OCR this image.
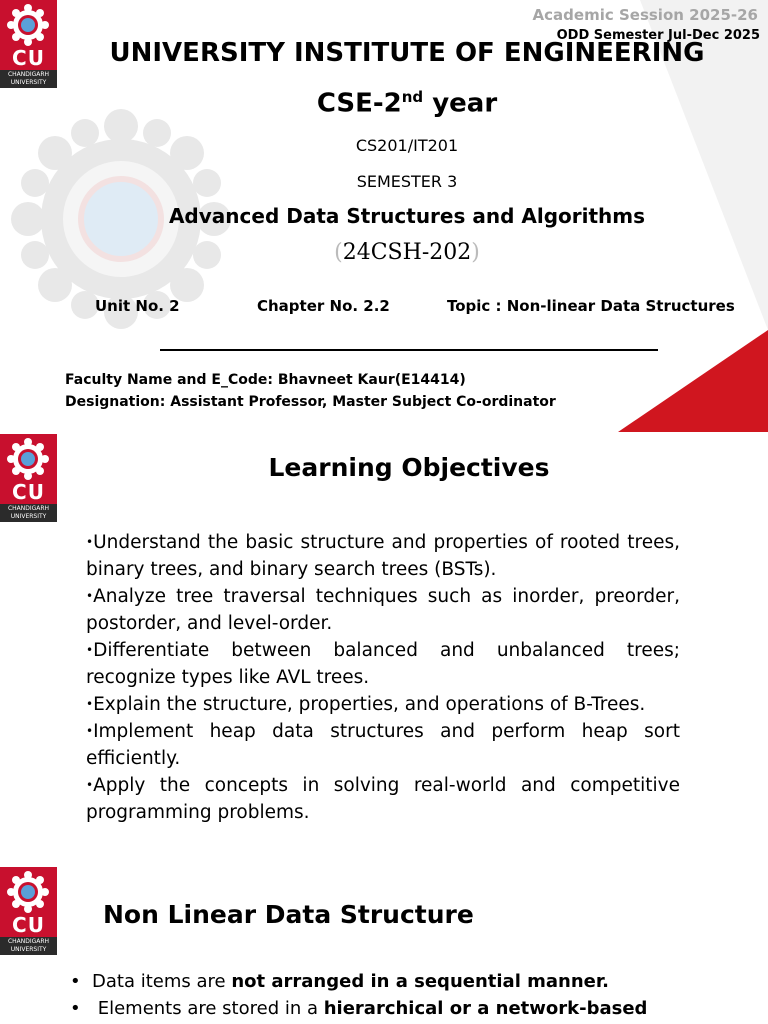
CU
CHANDIGARH UNIVERSITY
Academic Session 2025-26
ODD Semester Jul-Dec 2025
UNIVERSITY INSTITUTE OF ENGINEERING
CSE-2nd year
CS201/IT201
SEMESTER 3
Advanced Data Structures and Algorithms
(24CSH-202)
Unit No. 2	Chapter No. 2.2	Topic : Non-linear Data Structures
Faculty Name and E_Code: Bhavneet Kaur(E14414)
Designation: Assistant Professor, Master Subject Co-ordinator
CU
CHANDIGARH UNIVERSITY
Learning Objectives
•Understand the basic structure and properties of rooted trees, binary trees, and binary search trees (BSTs).
•Analyze tree traversal techniques such as inorder, preorder, postorder, and level-order.
•Differentiate between balanced and unbalanced trees; recognize types like AVL trees.
•Explain the structure, properties, and operations of B-Trees.
•Implement heap data structures and perform heap sort efficiently.
•Apply the concepts in solving real-world and competitive programming problems.
CU
CHANDIGARH UNIVERSITY
Non Linear Data Structure
• Data items are not arranged in a sequential manner.
• Elements are stored in a hierarchical or a network-based
